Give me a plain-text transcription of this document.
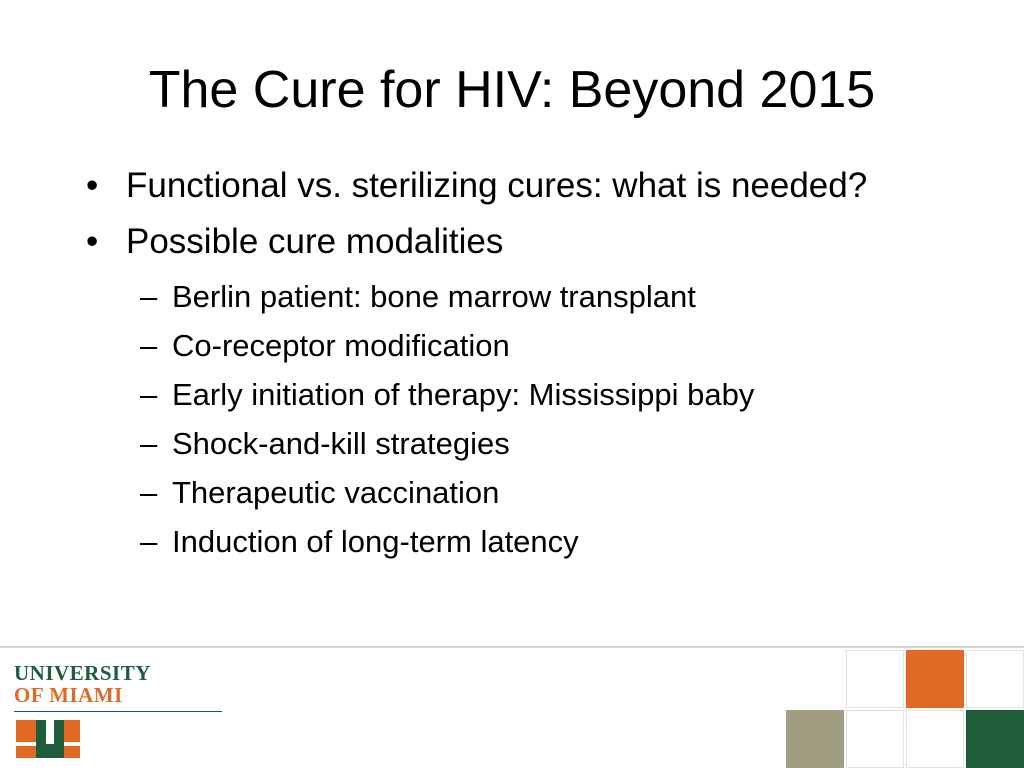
The Cure for HIV: Beyond 2015
• Functional vs. sterilizing cures: what is needed?
• Possible cure modalities
– Berlin patient: bone marrow transplant
– Co-receptor modification
– Early initiation of therapy: Mississippi baby
– Shock-and-kill strategies
– Therapeutic vaccination
– Induction of long-term latency
UNIVERSITY
OF MIAMI
